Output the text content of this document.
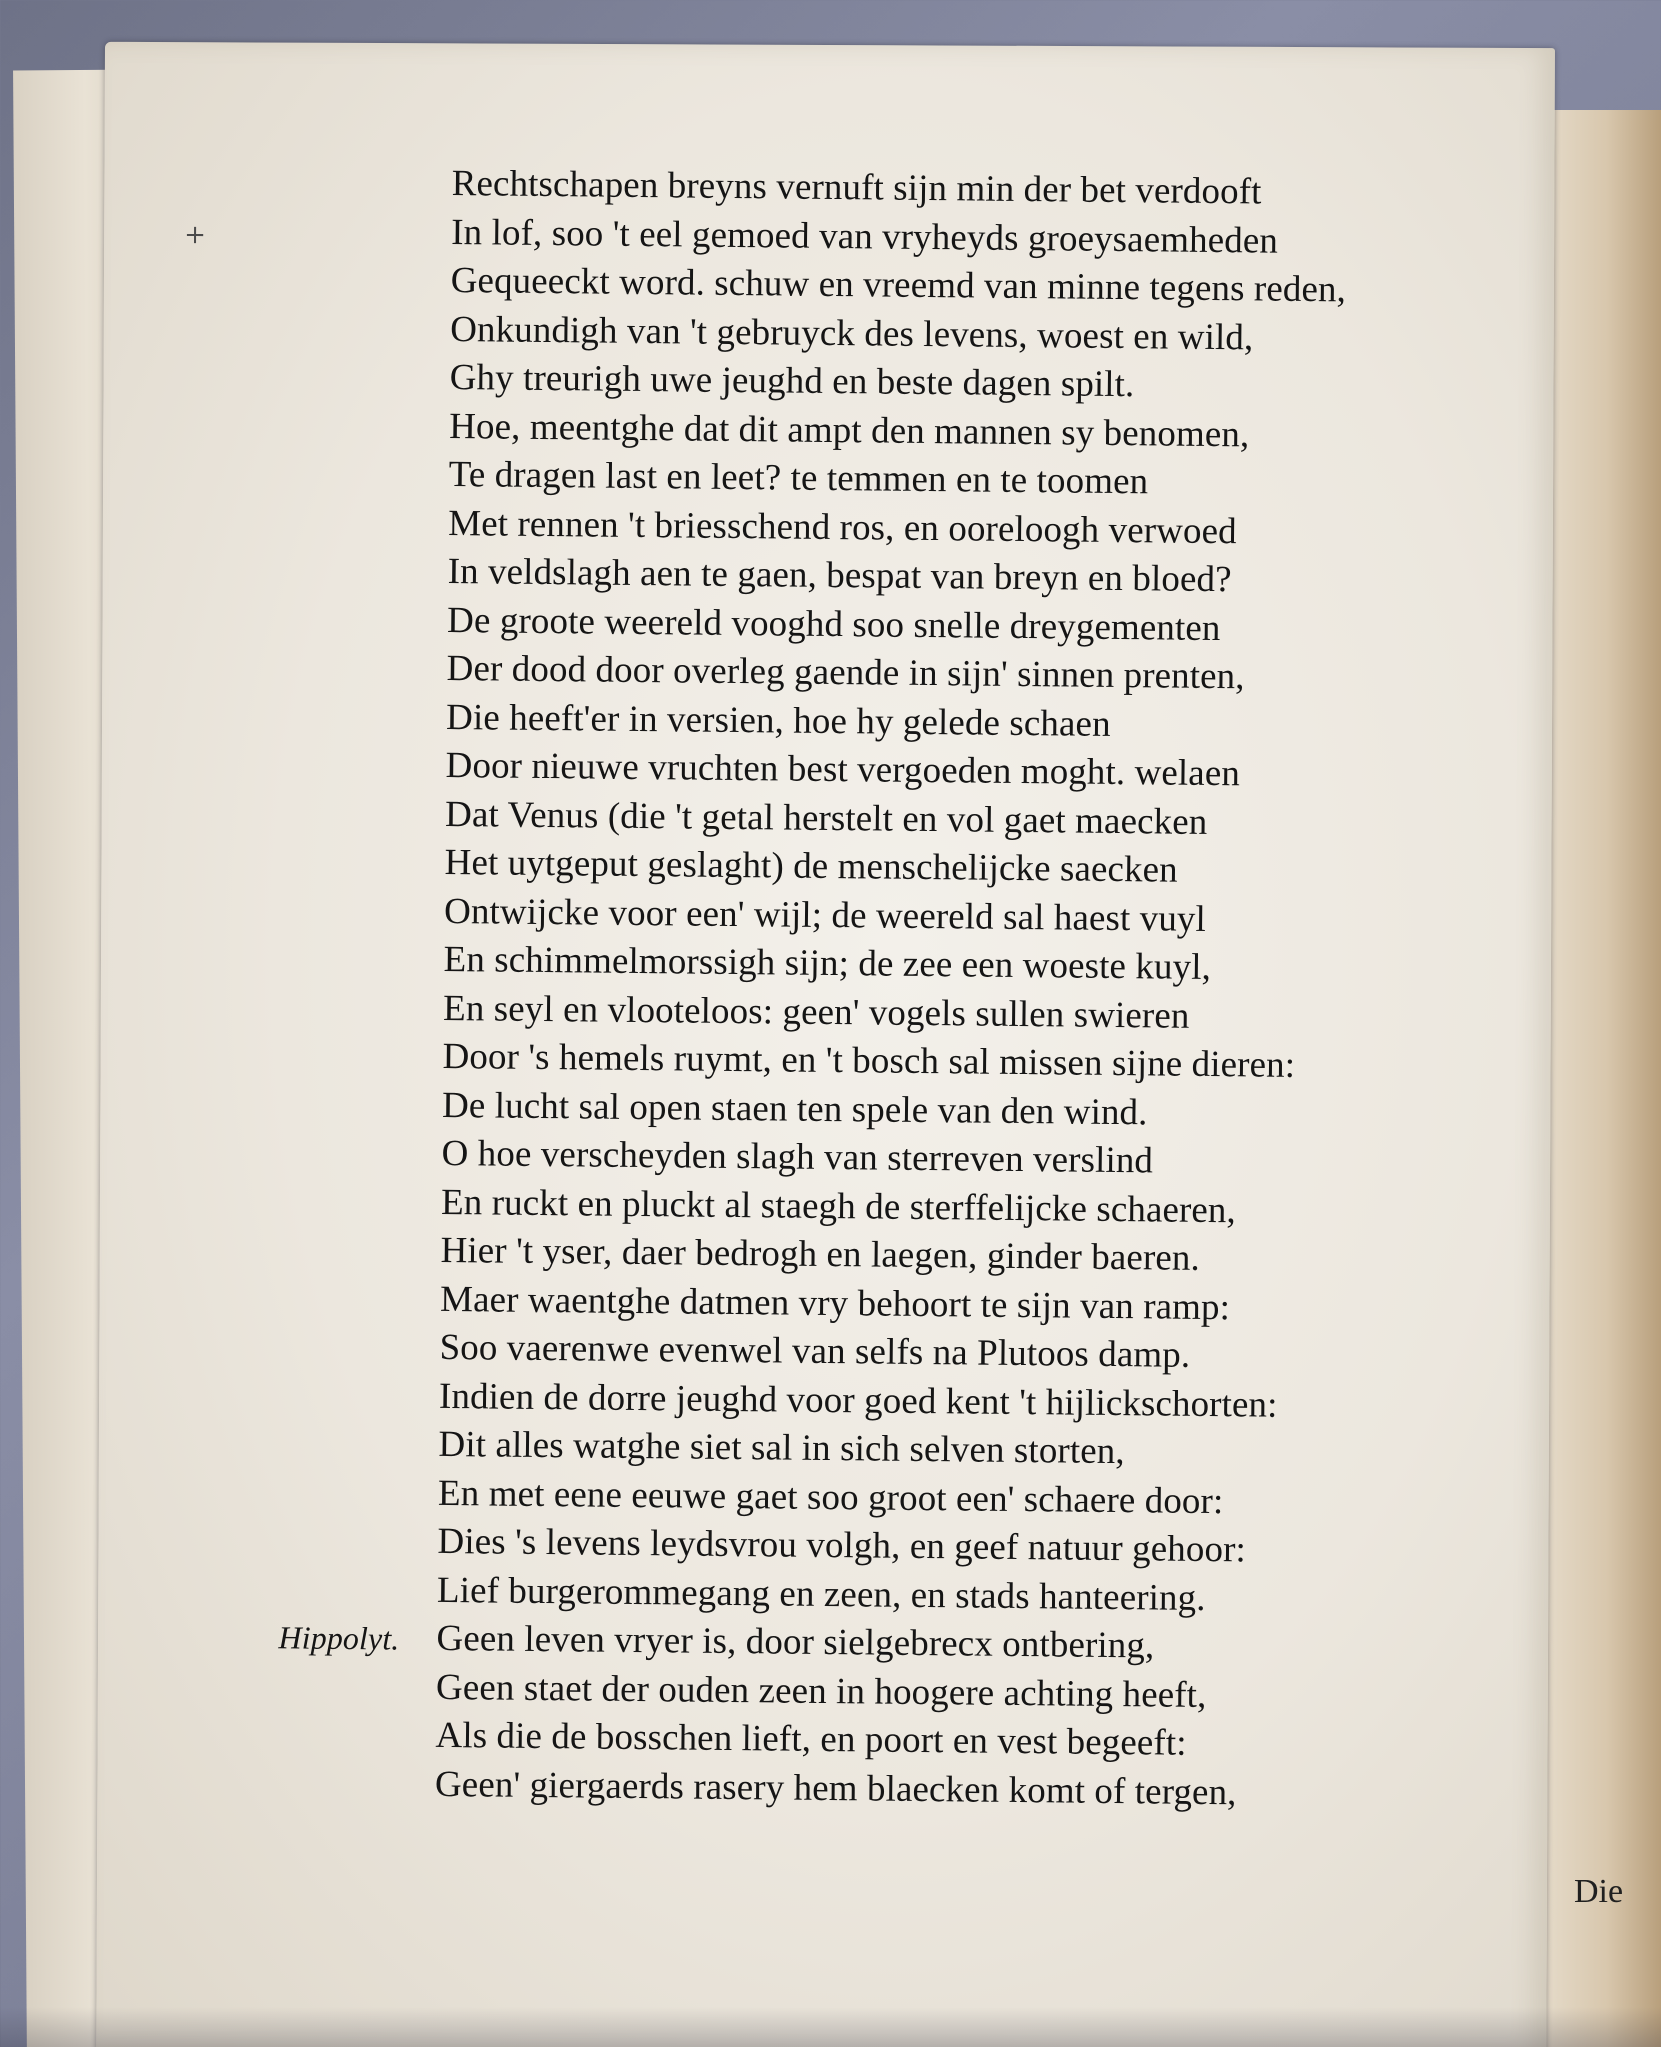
+
Rechtschapen breyns vernuft sijn min der bet verdooft
In lof, soo 't eel gemoed van vryheyds groeysaemheden
Gequeeckt word. schuw en vreemd van minne tegens reden,
Onkundigh van 't gebruyck des levens, woest en wild,
Ghy treurigh uwe jeughd en beste dagen spilt.
Hoe, meentghe dat dit ampt den mannen sy benomen,
Te dragen last en leet? te temmen en te toomen
Met rennen 't briesschend ros, en oorelоogh verwoed
In veldslagh aen te gaen, bespat van breyn en bloed?
De groote weereld vooghd soo snelle dreygementen
Der dood door overleg gaende in sijn' sinnen prenten,
Die heeft'er in versien, hoe hy gelede schaen
Door nieuwe vruchten best vergoeden moght. welaen
Dat Venus (die 't getal herstelt en vol gaet maecken
Het uytgeput geslaght) de menschelijcke saecken
Ontwijcke voor een' wijl; de weereld sal haest vuyl
En schimmelmorssigh sijn; de zee een woeste kuyl,
En seyl en vlooteloos: geen' vogels sullen swieren
Door 's hemels ruymt, en 't bosch sal missen sijne dieren:
De lucht sal open staen ten spele van den wind.
O hoe verscheyden slagh van sterreven verslind
En ruckt en pluckt al staegh de sterffelijcke schaeren,
Hier 't yser, daer bedrogh en laegen, ginder baeren.
Maer waentghe datmen vry behoort te sijn van ramp:
Soo vaerenwe evenwel van selfs na Plutoos damp.
Indien de dorre jeughd voor goed kent 't hijlickschorten:
Dit alles watghe siet sal in sich selven storten,
En met eene eeuwe gaet soo groot een' schaere door:
Dies 's levens leydsvrou volgh, en geef natuur gehoor:
Lief burgerommegang en zeen, en stads hanteering.
Hippolyt. Geen leven vryer is, door sielgebrecx ontbering,
Geen staet der ouden zeen in hoogere achting heeft,
Als die de bosschen lieft, en poort en vest begeeft:
Geen' giergaerds rasery hem blaecken komt of tergen,
Die
